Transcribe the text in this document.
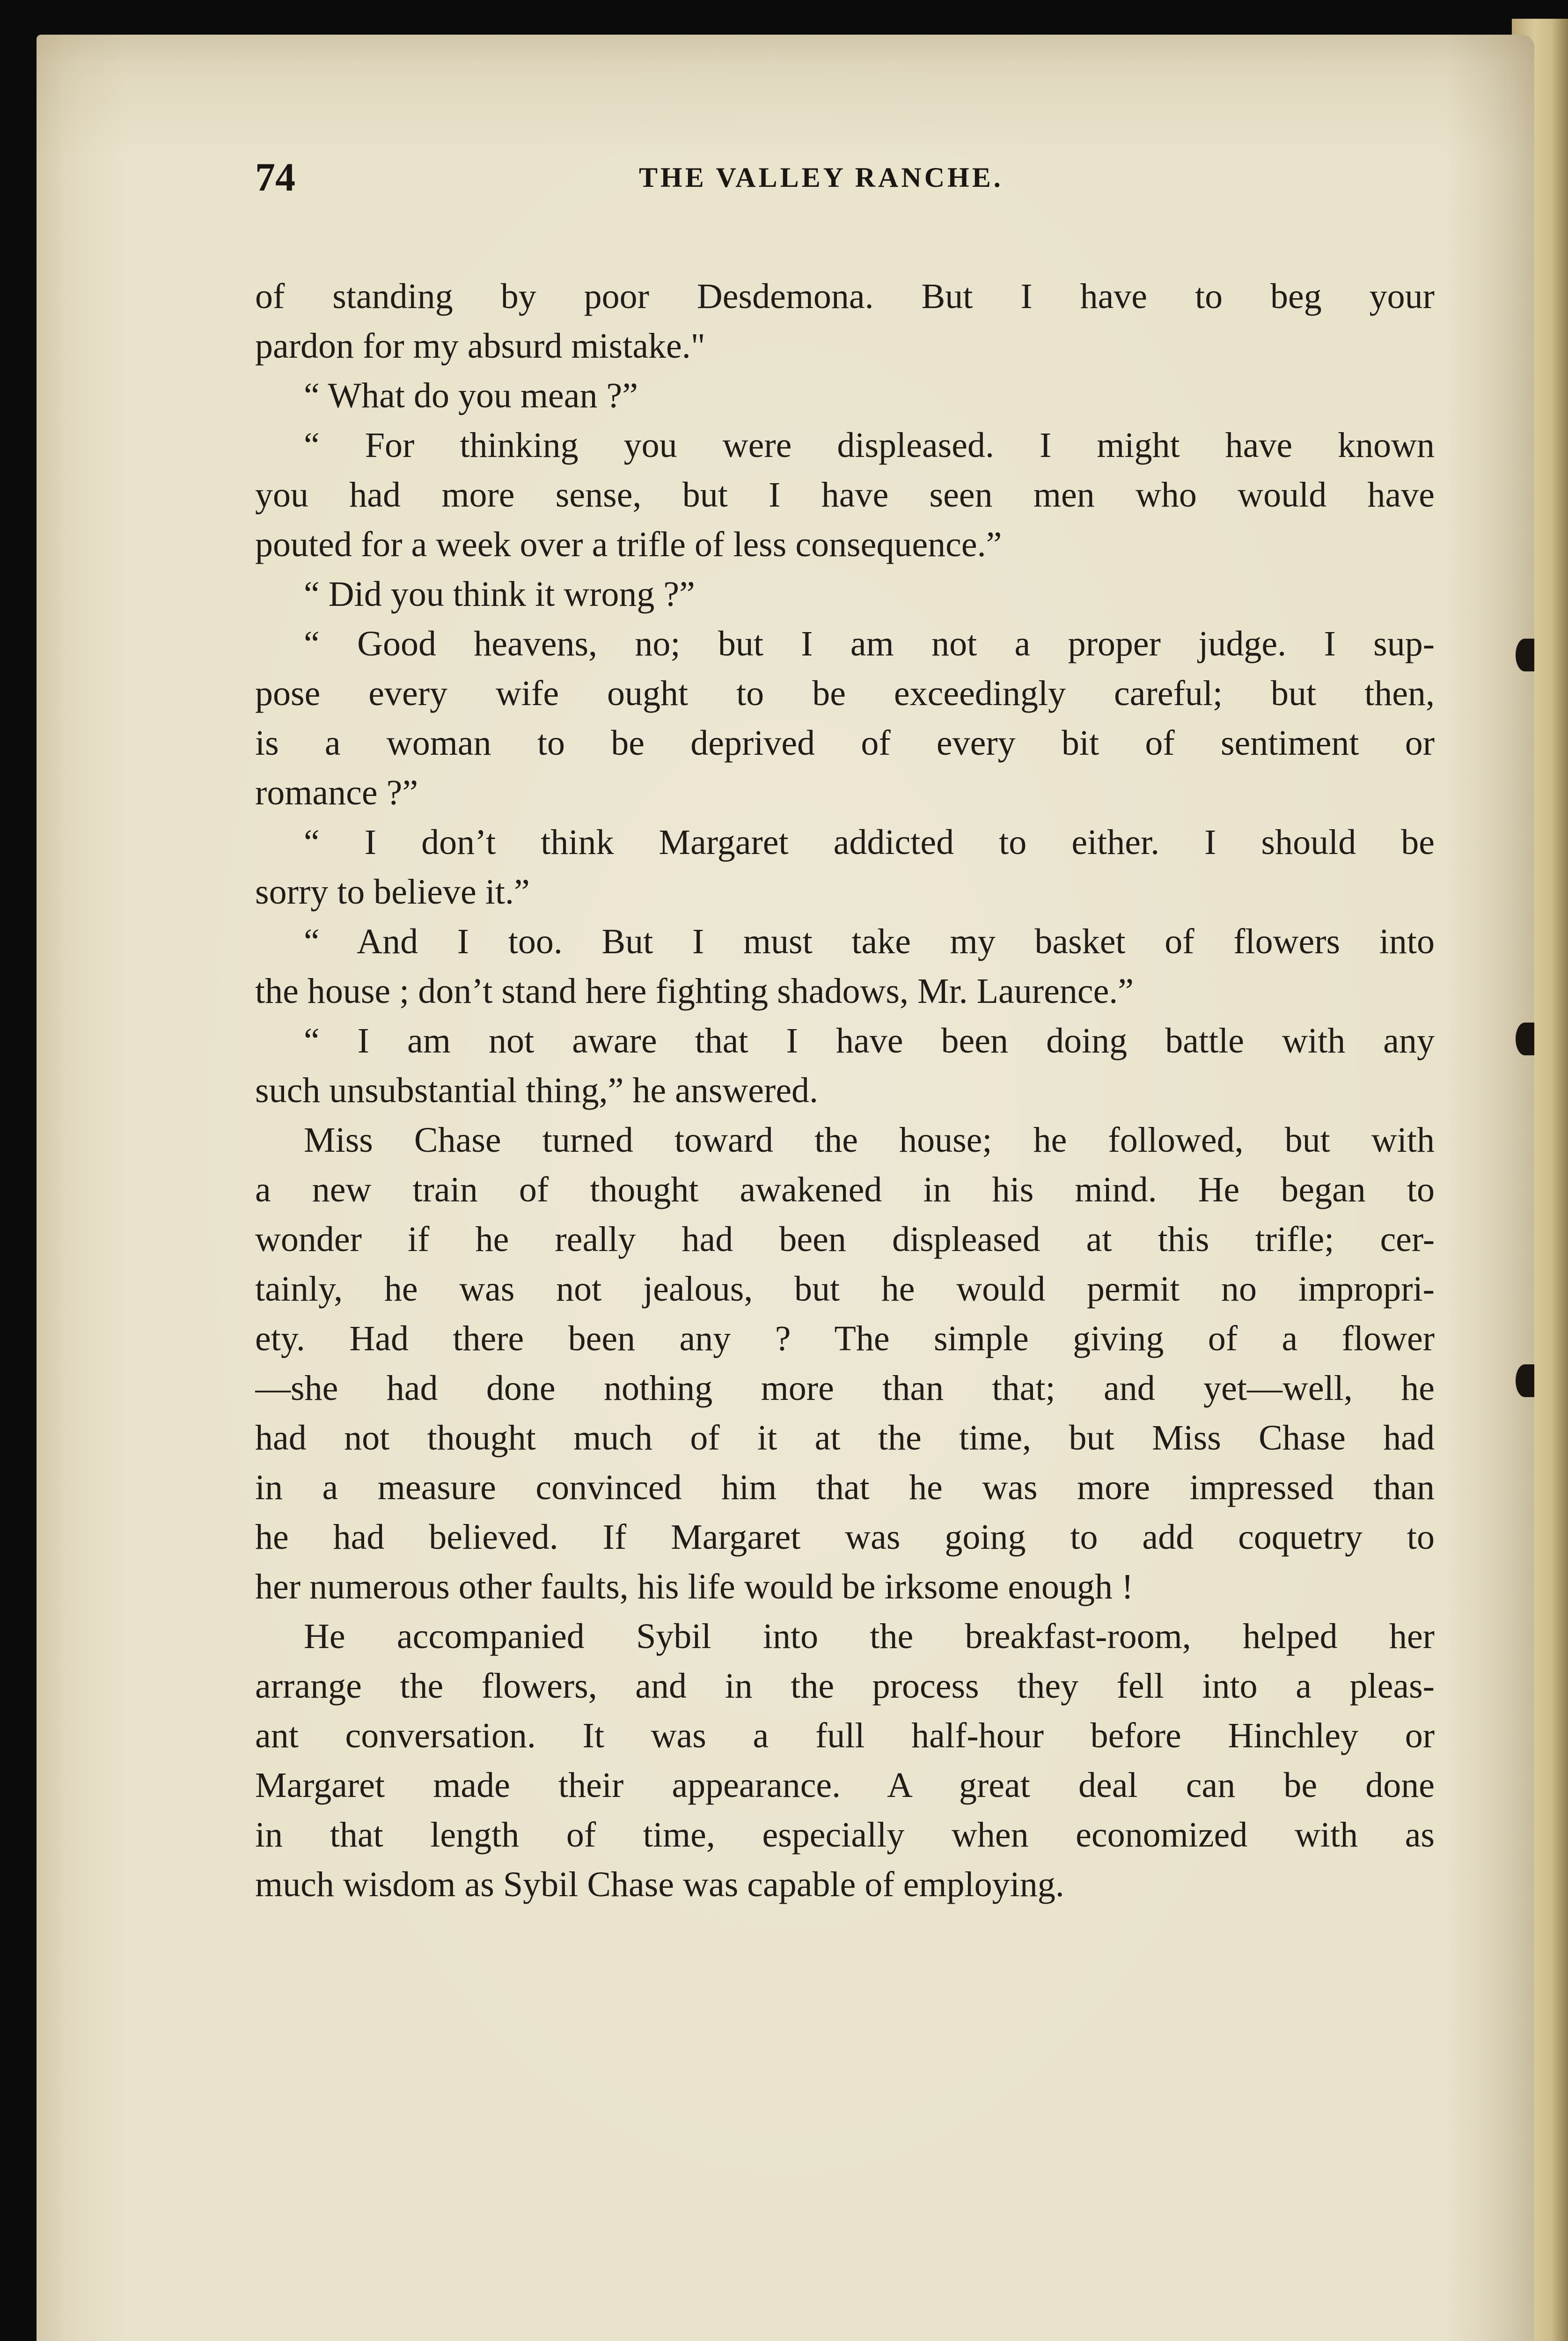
74	THE VALLEY RANCHE.
of standing by poor Desdemona. But I have to beg your
pardon for my absurd mistake."
“ What do you mean ?”
“ For thinking you were displeased. I might have known
you had more sense, but I have seen men who would have
pouted for a week over a trifle of less consequence.”
“ Did you think it wrong ?”
“ Good heavens, no; but I am not a proper judge. I sup-
pose every wife ought to be exceedingly careful; but then,
is a woman to be deprived of every bit of sentiment or
romance ?”
“ I don’t think Margaret addicted to either. I should be
sorry to believe it.”
“ And I too. But I must take my basket of flowers into
the house ; don’t stand here fighting shadows, Mr. Laurence.”
“ I am not aware that I have been doing battle with any
such unsubstantial thing,” he answered.
Miss Chase turned toward the house; he followed, but with
a new train of thought awakened in his mind. He began to
wonder if he really had been displeased at this trifle; cer-
tainly, he was not jealous, but he would permit no impropri-
ety. Had there been any ? The simple giving of a flower
—she had done nothing more than that; and yet—well, he
had not thought much of it at the time, but Miss Chase had
in a measure convinced him that he was more impressed than
he had believed. If Margaret was going to add coquetry to
her numerous other faults, his life would be irksome enough !
He accompanied Sybil into the breakfast-room, helped her
arrange the flowers, and in the process they fell into a pleas-
ant conversation. It was a full half-hour before Hinchley or
Margaret made their appearance. A great deal can be done
in that length of time, especially when economized with as
much wisdom as Sybil Chase was capable of employing.
